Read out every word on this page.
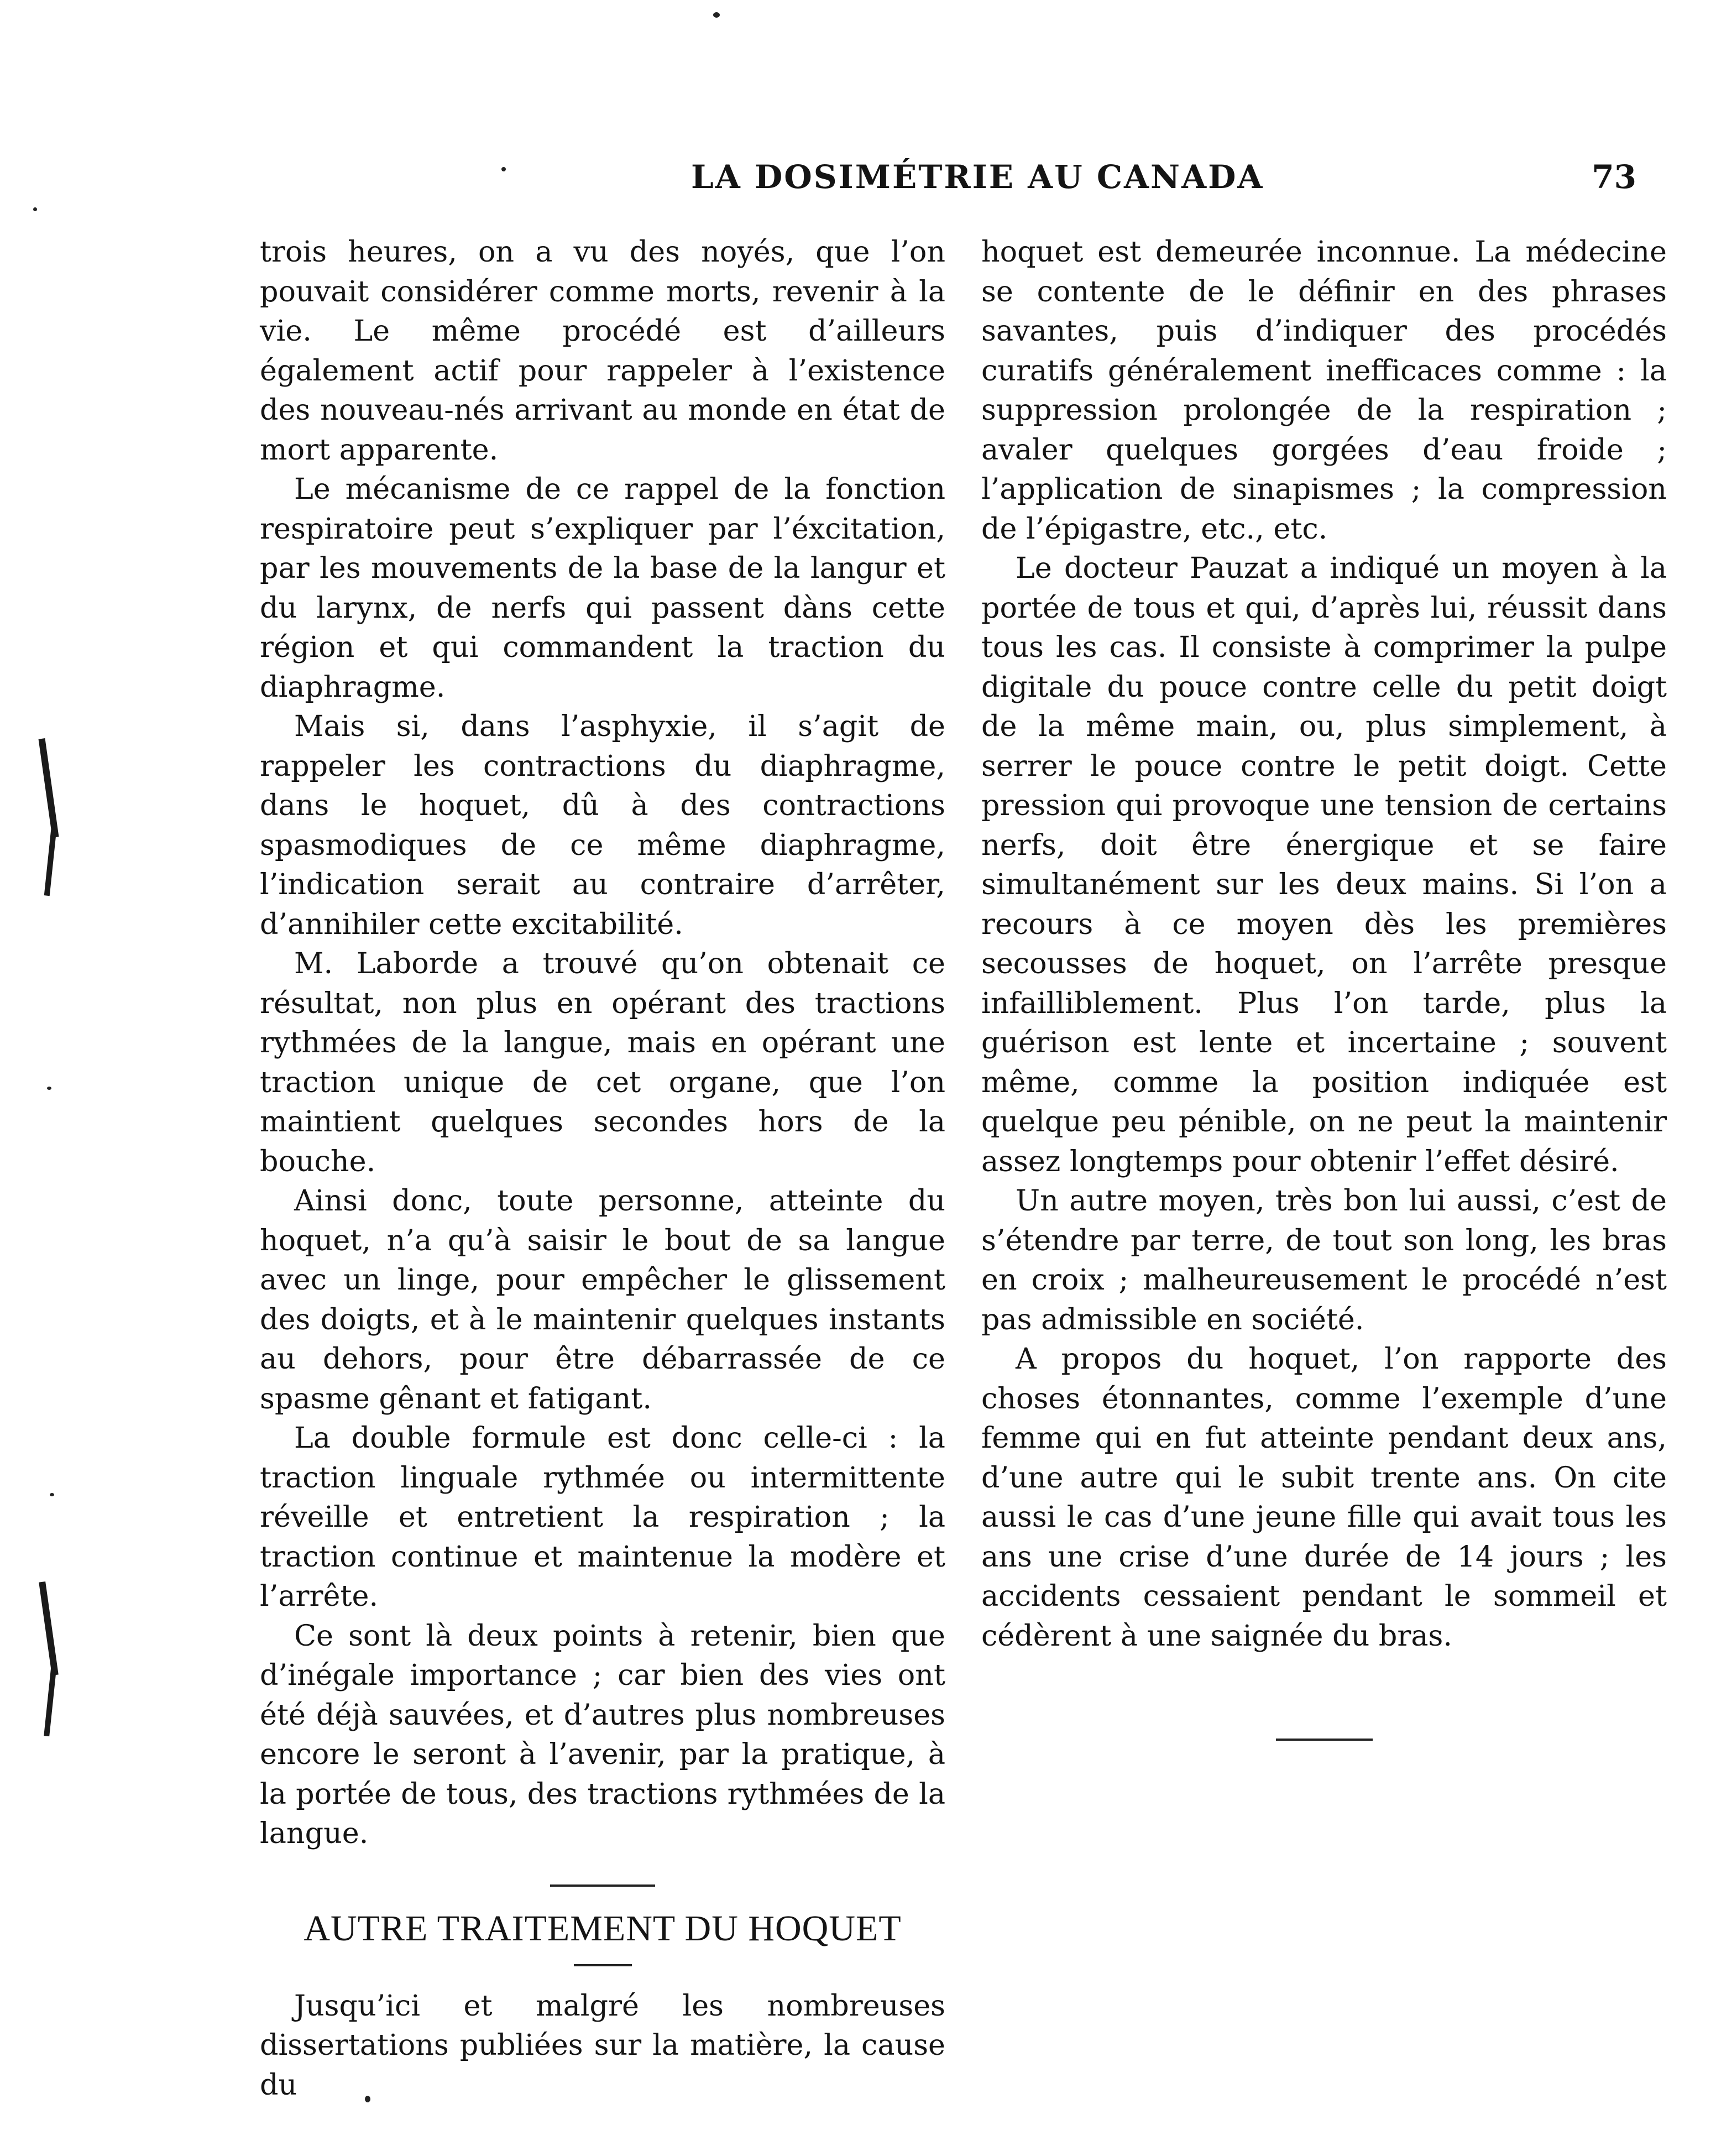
LA DOSIMÉTRIE AU CANADA	73

trois heures, on a vu des noyés, que l’on pouvait considérer comme morts, revenir à la vie. Le même procédé est d’ailleurs également actif pour rappeler à l’existence des nouveau-nés arrivant au monde en état de mort apparente.

Le mécanisme de ce rappel de la fonction respiratoire peut s’expliquer par l’éxcitation, par les mouvements de la base de la langur et du larynx, de nerfs qui passent dàns cette région et qui commandent la traction du diaphragme.

Mais si, dans l’asphyxie, il s’agit de rappeler les contractions du diaphragme, dans le hoquet, dû à des contractions spasmodiques de ce même diaphragme, l’indication serait au contraire d’arrêter, d’annihiler cette excitabilité.

M. Laborde a trouvé qu’on obtenait ce résultat, non plus en opérant des tractions rythmées de la langue, mais en opérant une traction unique de cet organe, que l’on maintient quelques secondes hors de la bouche.

Ainsi donc, toute personne, atteinte du hoquet, n’a qu’à saisir le bout de sa langue avec un linge, pour empêcher le glissement des doigts, et à le maintenir quelques instants au dehors, pour être débarrassée de ce spasme gênant et fatigant.

La double formule est donc celle-ci : la traction linguale rythmée ou intermittente réveille et entretient la respiration ; la traction continue et maintenue la modère et l’arrête.

Ce sont là deux points à retenir, bien que d’inégale importance ; car bien des vies ont été déjà sauvées, et d’autres plus nombreuses encore le seront à l’avenir, par la pratique, à la portée de tous, des tractions rythmées de la langue.

AUTRE TRAITEMENT DU HOQUET

Jusqu’ici et malgré les nombreuses dissertations publiées sur la matière, la cause du

hoquet est demeurée inconnue. La médecine se contente de le définir en des phrases savantes, puis d’indiquer des procédés curatifs généralement inefficaces comme : la suppression prolongée de la respiration ; avaler quelques gorgées d’eau froide ; l’application de sinapismes ; la compression de l’épigastre, etc., etc.

Le docteur Pauzat a indiqué un moyen à la portée de tous et qui, d’après lui, réussit dans tous les cas. Il consiste à comprimer la pulpe digitale du pouce contre celle du petit doigt de la même main, ou, plus simplement, à serrer le pouce contre le petit doigt. Cette pression qui provoque une tension de certains nerfs, doit être énergique et se faire simultanément sur les deux mains. Si l’on a recours à ce moyen dès les premières secousses de hoquet, on l’arrête presque infailliblement. Plus l’on tarde, plus la guérison est lente et incertaine ; souvent même, comme la position indiquée est quelque peu pénible, on ne peut la maintenir assez longtemps pour obtenir l’effet désiré.

Un autre moyen, très bon lui aussi, c’est de s’étendre par terre, de tout son long, les bras en croix ; malheureusement le procédé n’est pas admissible en société.

A propos du hoquet, l’on rapporte des choses étonnantes, comme l’exemple d’une femme qui en fut atteinte pendant deux ans, d’une autre qui le subit trente ans. On cite aussi le cas d’une jeune fille qui avait tous les ans une crise d’une durée de 14 jours ; les accidents cessaient pendant le sommeil et cédèrent à une saignée du bras.
